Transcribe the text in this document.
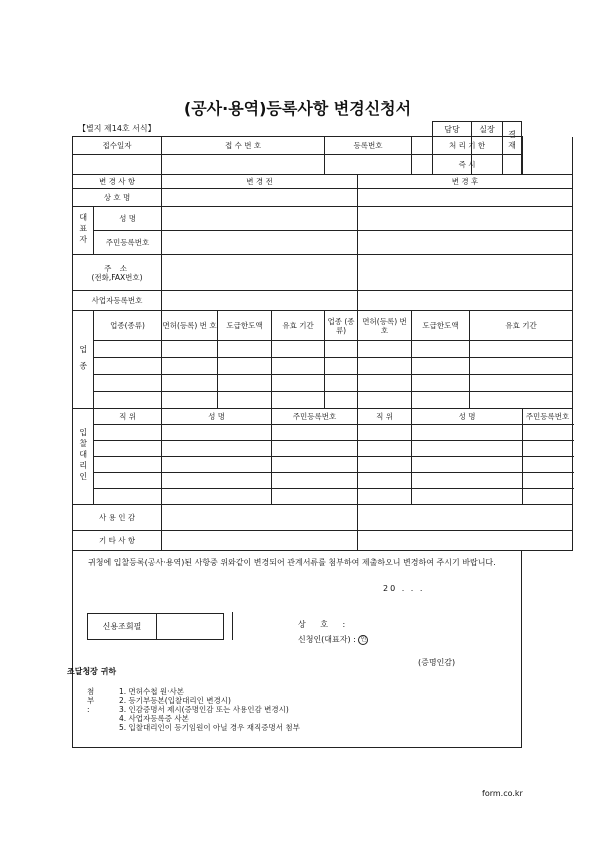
(공사·용역)등록사항 변경신청서
【별지 제14호 서식】	담당	실장	결재

접수일자		접 수 번 호			등록번호		처 리 기 한		
							즉 시		
변 경 사 항		변 경 전				변 경 후			
상 호 명									
대표자	성 명								
	주민등록번호								

주 소
(전화,FAX번호)									

사업자등록번호									
업 종	업종(종류)	면허(등록) 번 호	도급한도액	유효 기간	업종 (종류)	면허(등록) 번 호	도급한도액	유효 기간	

입찰대리인	직 위	성 명		주민등록번호		직 위	성 명		주민등록번호

사 용 인 감									
기 타 사 항									
귀청에 입찰등록(공사·용역)된 사항중 위와같이 변경되어 관계서류를 첨부하여 제출하오니 변경하여 주시기 바랍니다.
20 . . .
신용조회필		상 호 :
신청인(대표자) : 인
(증명인감)
조달청장 귀하
첨부 :
1. 면허수첩 원·사본
2. 등기부등본(입찰대리인 변경시)
3. 인감증명서 제시(증명인감 또는 사용인감 변경시)
4. 사업자등록증 사본
5. 입찰대리인이 등기임원이 아닐 경우 재직증명서 첨부
form.co.kr
